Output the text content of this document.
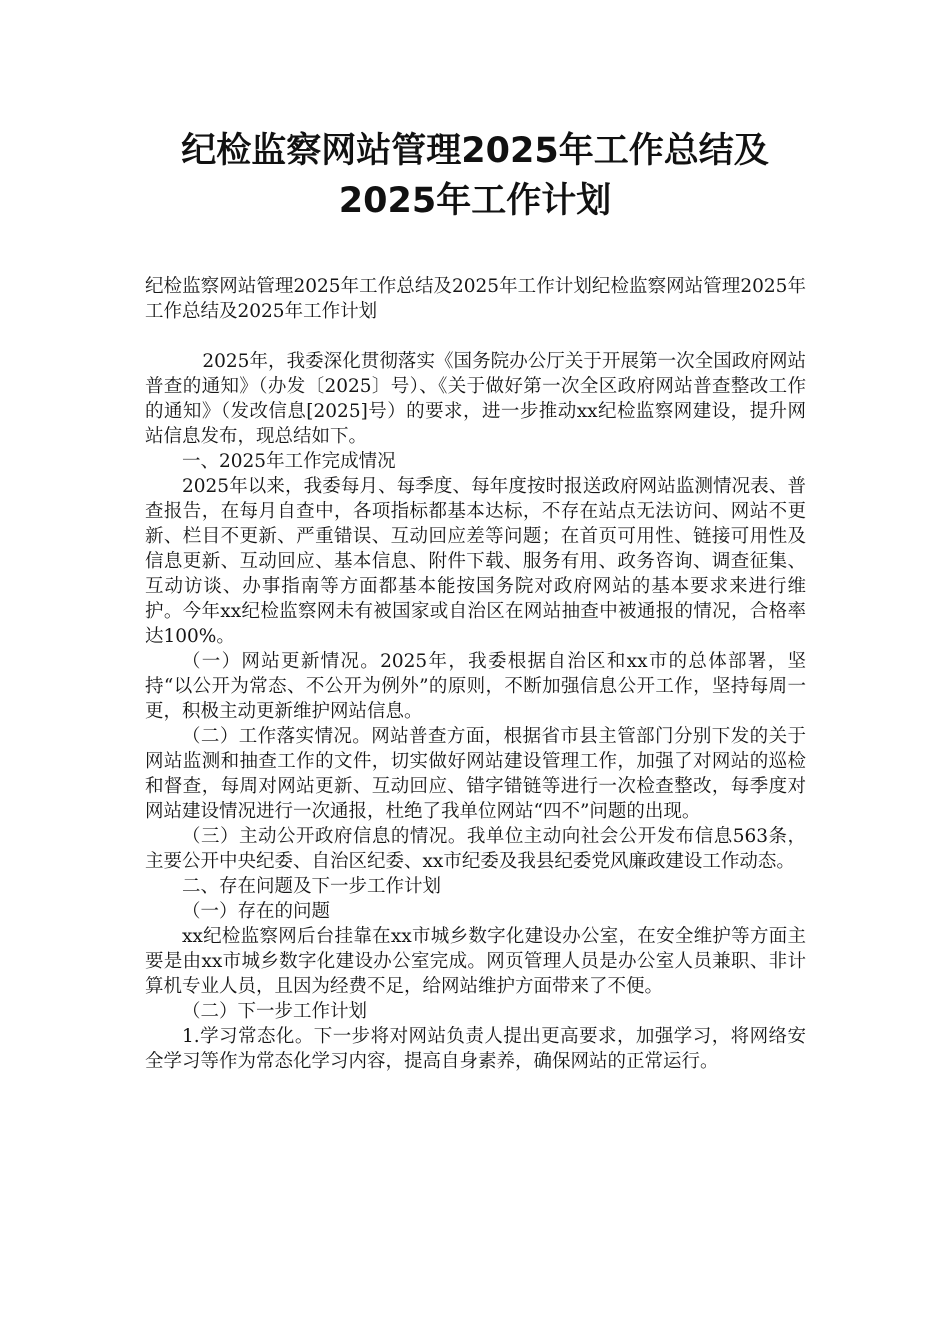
纪检监察网站管理2025年工作总结及
2025年工作计划
纪检监察网站管理2025年工作总结及2025年工作计划纪检监察网站管理2025年工作总结及2025年工作计划

2025年，我委深化贯彻落实《国务院办公厅关于开展第一次全国政府网站普查的通知》（办发〔2025〕号）、《关于做好第一次全区政府网站普查整改工作的通知》（发改信息[2025]号）的要求，进一步推动xx纪检监察网建设，提升网站信息发布，现总结如下。

一、2025年工作完成情况

2025年以来，我委每月、每季度、每年度按时报送政府网站监测情况表、普查报告，在每月自查中，各项指标都基本达标，不存在站点无法访问、网站不更新、栏目不更新、严重错误、互动回应差等问题；在首页可用性、链接可用性及信息更新、互动回应、基本信息、附件下载、服务有用、政务咨询、调查征集、互动访谈、办事指南等方面都基本能按国务院对政府网站的基本要求来进行维护。今年xx纪检监察网未有被国家或自治区在网站抽查中被通报的情况，合格率达100%。

（一）网站更新情况。2025年，我委根据自治区和xx市的总体部署，坚持“以公开为常态、不公开为例外”的原则，不断加强信息公开工作，坚持每周一更，积极主动更新维护网站信息。

（二）工作落实情况。网站普查方面，根据省市县主管部门分别下发的关于网站监测和抽查工作的文件，切实做好网站建设管理工作，加强了对网站的巡检和督查，每周对网站更新、互动回应、错字错链等进行一次检查整改，每季度对网站建设情况进行一次通报，杜绝了我单位网站“四不”问题的出现。

（三）主动公开政府信息的情况。我单位主动向社会公开发布信息563条，主要公开中央纪委、自治区纪委、xx市纪委及我县纪委党风廉政建设工作动态。

二、存在问题及下一步工作计划

（一）存在的问题

xx纪检监察网后台挂靠在xx市城乡数字化建设办公室，在安全维护等方面主要是由xx市城乡数字化建设办公室完成。网页管理人员是办公室人员兼职、非计算机专业人员，且因为经费不足，给网站维护方面带来了不便。

（二）下一步工作计划

1.学习常态化。下一步将对网站负责人提出更高要求，加强学习，将网络安全学习等作为常态化学习内容，提高自身素养，确保网站的正常运行。
